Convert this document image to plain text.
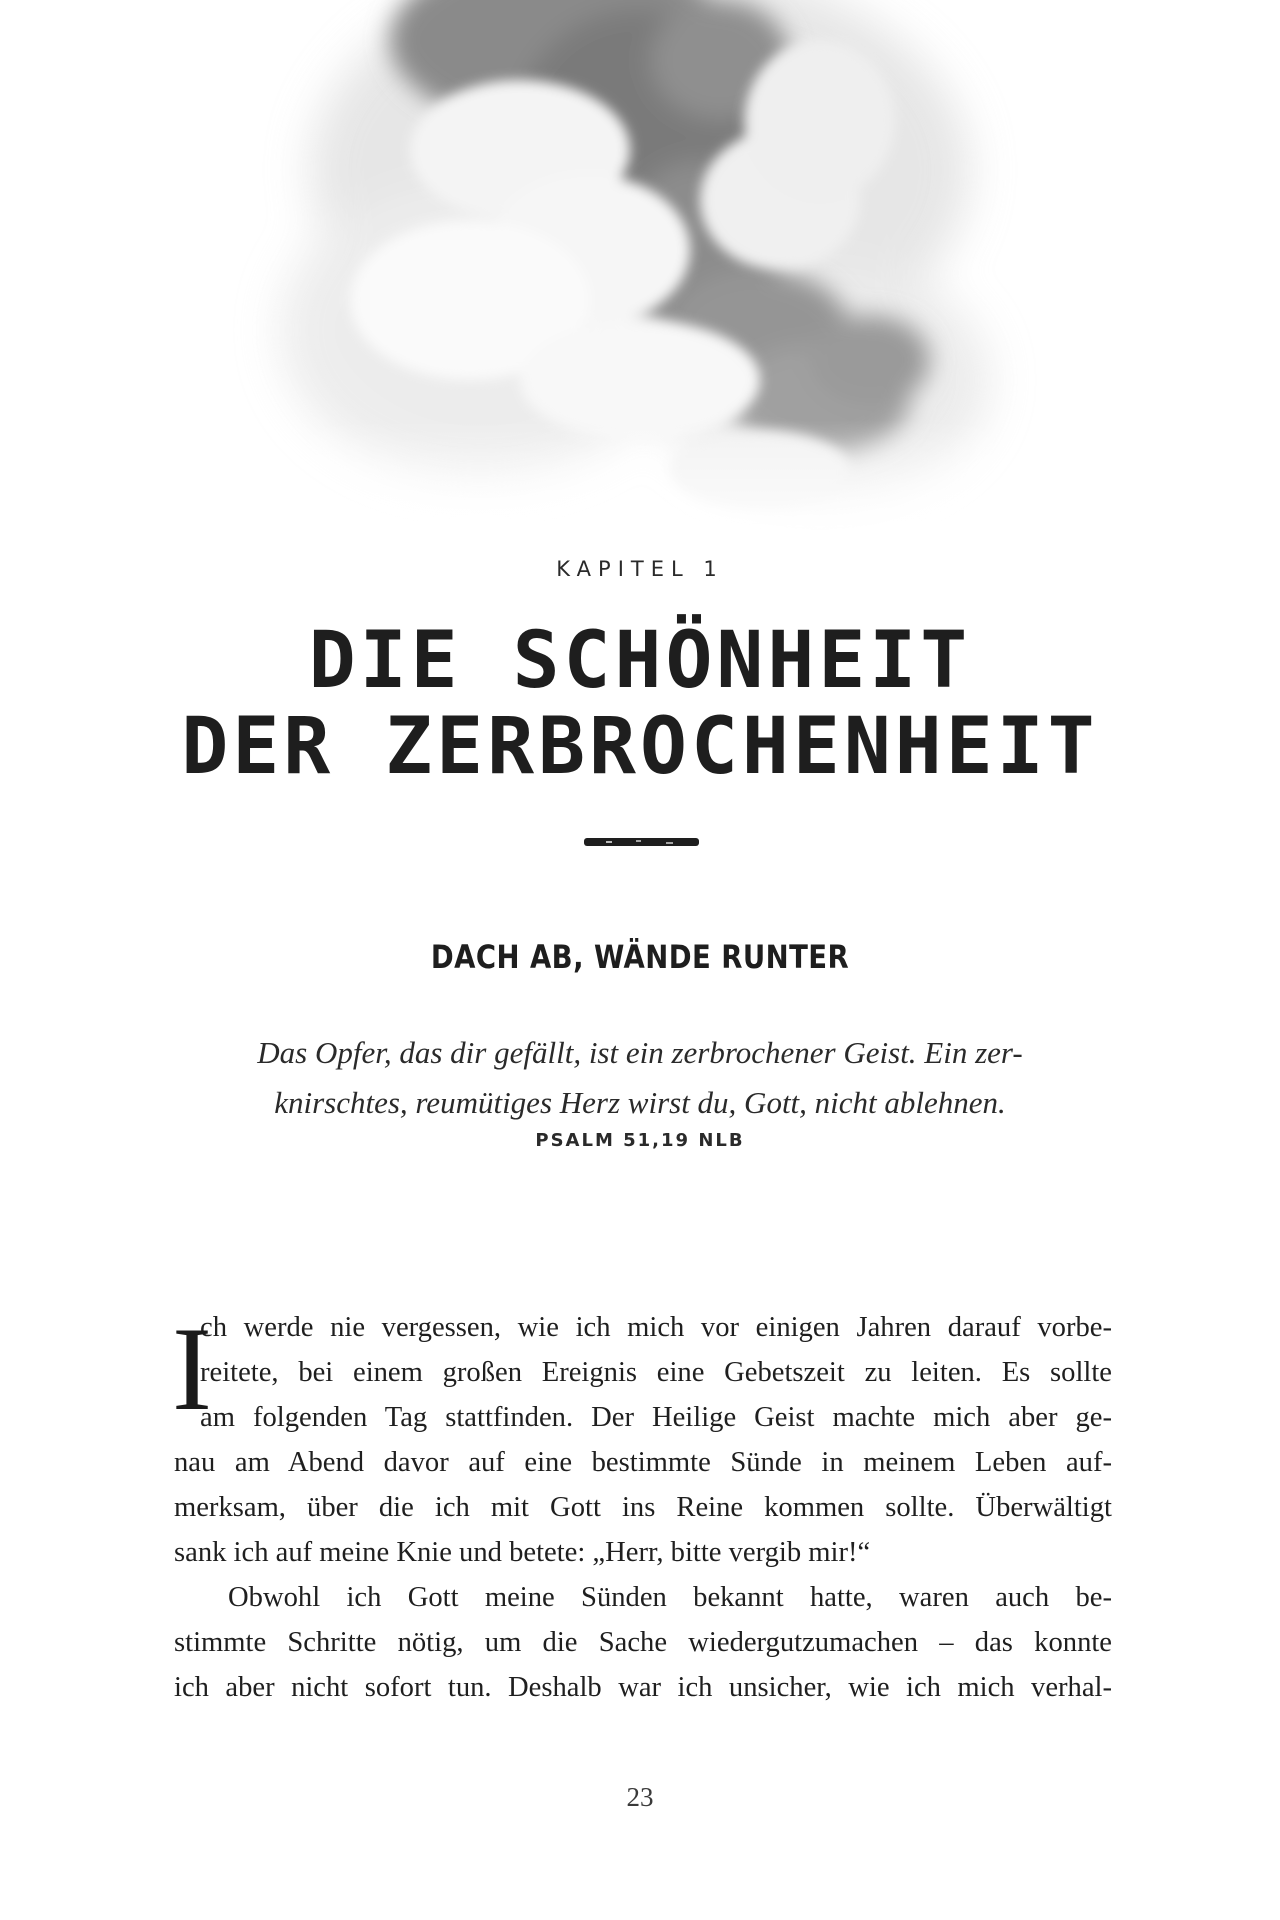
KAPITEL 1
DIE SCHÖNHEIT
DER ZERBROCHENHEIT
DACH AB, WÄNDE RUNTER
Das Opfer, das dir gefällt, ist ein zerbrochener Geist. Ein zer-
knirschtes, reumütiges Herz wirst du, Gott, nicht ablehnen.
PSALM 51,19 NLB
I
ch werde nie vergessen, wie ich mich vor einigen Jahren darauf vorbe-
reitete, bei einem großen Ereignis eine Gebetszeit zu leiten. Es sollte
am folgenden Tag stattfinden. Der Heilige Geist machte mich aber ge-
nau am Abend davor auf eine bestimmte Sünde in meinem Leben auf-
merksam, über die ich mit Gott ins Reine kommen sollte. Überwältigt
sank ich auf meine Knie und betete: „Herr, bitte vergib mir!“
Obwohl ich Gott meine Sünden bekannt hatte, waren auch be-
stimmte Schritte nötig, um die Sache wiedergutzumachen – das konnte
ich aber nicht sofort tun. Deshalb war ich unsicher, wie ich mich verhal-
23
